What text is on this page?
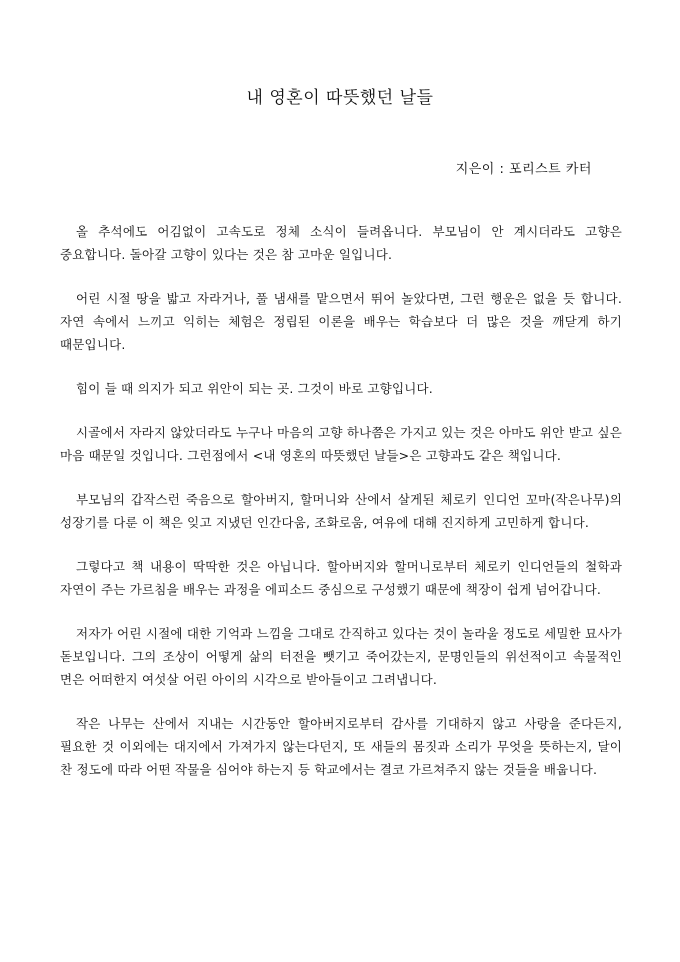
내 영혼이 따뜻했던 날들
지은이 : 포리스트 카터

올 추석에도 어김없이 고속도로 정체 소식이 들려옵니다. 부모님이 안 계시더라도 고향은 중요합니다. 돌아갈 고향이 있다는 것은 참 고마운 일입니다.

어린 시절 땅을 밟고 자라거나, 풀 냄새를 맡으면서 뛰어 놀았다면, 그런 행운은 없을 듯 합니다. 자연 속에서 느끼고 익히는 체험은 정립된 이론을 배우는 학습보다 더 많은 것을 깨닫게 하기 때문입니다.

힘이 들 때 의지가 되고 위안이 되는 곳. 그것이 바로 고향입니다.

시골에서 자라지 않았더라도 누구나 마음의 고향 하나쯤은 가지고 있는 것은 아마도 위안 받고 싶은 마음 때문일 것입니다. 그런점에서 <내 영혼의 따뜻했던 날들>은 고향과도 같은 책입니다.

부모님의 갑작스런 죽음으로 할아버지, 할머니와 산에서 살게된 체로키 인디언 꼬마(작은나무)의 성장기를 다룬 이 책은 잊고 지냈던 인간다움, 조화로움, 여유에 대해 진지하게 고민하게 합니다.

그렇다고 책 내용이 딱딱한 것은 아닙니다. 할아버지와 할머니로부터 체로키 인디언들의 철학과 자연이 주는 가르침을 배우는 과정을 에피소드 중심으로 구성했기 때문에 책장이 쉽게 넘어갑니다.

저자가 어린 시절에 대한 기억과 느낌을 그대로 간직하고 있다는 것이 놀라울 정도로 세밀한 묘사가 돋보입니다. 그의 조상이 어떻게 삶의 터전을 뺏기고 죽어갔는지, 문명인들의 위선적이고 속물적인 면은 어떠한지 여섯살 어린 아이의 시각으로 받아들이고 그려냅니다.

작은 나무는 산에서 지내는 시간동안 할아버지로부터 감사를 기대하지 않고 사랑을 준다든지, 필요한 것 이외에는 대지에서 가져가지 않는다던지, 또 새들의 몸짓과 소리가 무엇을 뜻하는지, 달이 찬 정도에 따라 어떤 작물을 심어야 하는지 등 학교에서는 결코 가르쳐주지 않는 것들을 배웁니다.
